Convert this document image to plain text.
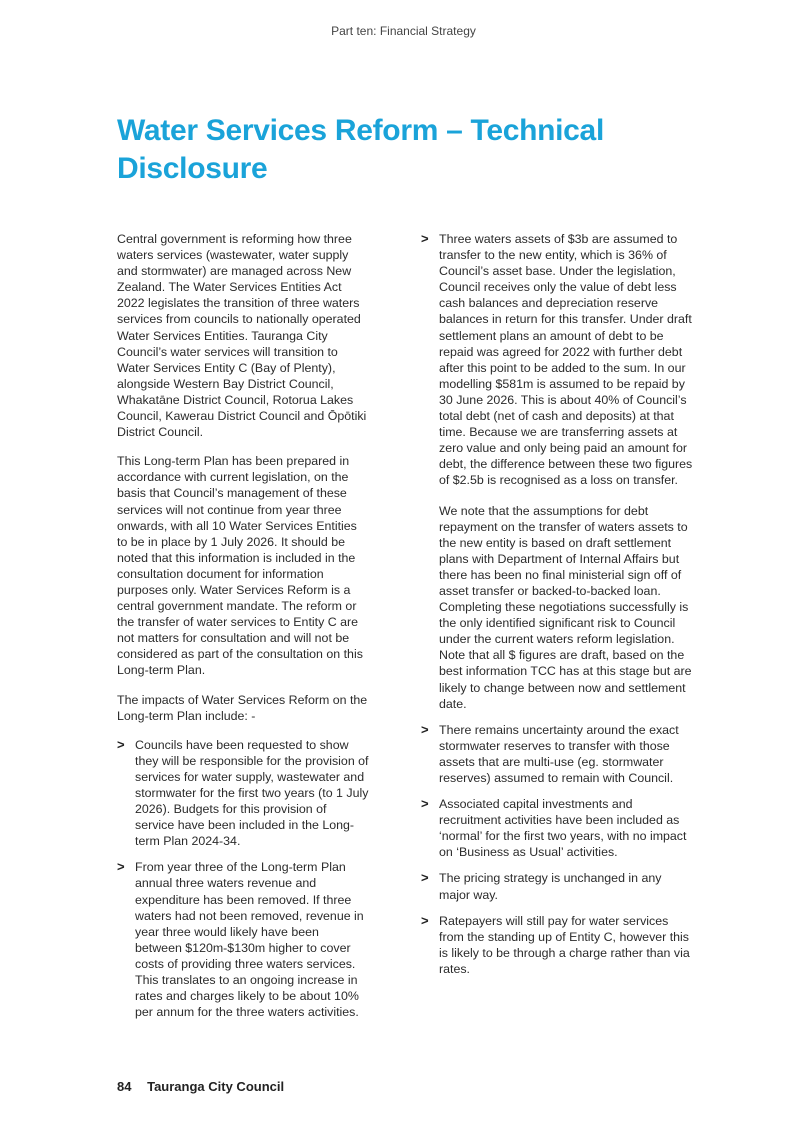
Part ten: Financial Strategy
Water Services Reform – Technical
Disclosure

Central government is reforming how three waters services (wastewater, water supply and stormwater) are managed across New Zealand. The Water Services Entities Act 2022 legislates the transition of three waters services from councils to nationally operated Water Services Entities. Tauranga City Council’s water services will transition to Water Services Entity C (Bay of Plenty), alongside Western Bay District Council, Whakatāne District Council, Rotorua Lakes Council, Kawerau District Council and Ōpōtiki District Council.

This Long-term Plan has been prepared in accordance with current legislation, on the basis that Council’s management of these services will not continue from year three onwards, with all 10 Water Services Entities to be in place by 1 July 2026. It should be noted that this information is included in the consultation document for information purposes only. Water Services Reform is a central government mandate. The reform or the transfer of water services to Entity C are not matters for consultation and will not be considered as part of the consultation on this Long-term Plan.

The impacts of Water Services Reform on the Long-term Plan include: -

> Councils have been requested to show they will be responsible for the provision of services for water supply, wastewater and stormwater for the first two years (to 1 July 2026). Budgets for this provision of service have been included in the Long-term Plan 2024-34.
> From year three of the Long-term Plan annual three waters revenue and expenditure has been removed. If three waters had not been removed, revenue in year three would likely have been between $120m-$130m higher to cover costs of providing three waters services. This translates to an ongoing increase in rates and charges likely to be about 10% per annum for the three waters activities.
> Three waters assets of $3b are assumed to transfer to the new entity, which is 36% of Council’s asset base. Under the legislation, Council receives only the value of debt less cash balances and depreciation reserve balances in return for this transfer. Under draft settlement plans an amount of debt to be repaid was agreed for 2022 with further debt after this point to be added to the sum. In our modelling $581m is assumed to be repaid by 30 June 2026. This is about 40% of Council’s total debt (net of cash and deposits) at that time. Because we are transferring assets at zero value and only being paid an amount for debt, the difference between these two figures of $2.5b is recognised as a loss on transfer.
We note that the assumptions for debt repayment on the transfer of waters assets to the new entity is based on draft settlement plans with Department of Internal Affairs but there has been no final ministerial sign off of asset transfer or backed-to-backed loan. Completing these negotiations successfully is the only identified significant risk to Council under the current waters reform legislation. Note that all $ figures are draft, based on the best information TCC has at this stage but are likely to change between now and settlement date.
> There remains uncertainty around the exact stormwater reserves to transfer with those assets that are multi-use (eg. stormwater reserves) assumed to remain with Council.
> Associated capital investments and recruitment activities have been included as ‘normal’ for the first two years, with no impact on ‘Business as Usual’ activities.
> The pricing strategy is unchanged in any major way.
> Ratepayers will still pay for water services from the standing up of Entity C, however this is likely to be through a charge rather than via rates.
84 Tauranga City Council
